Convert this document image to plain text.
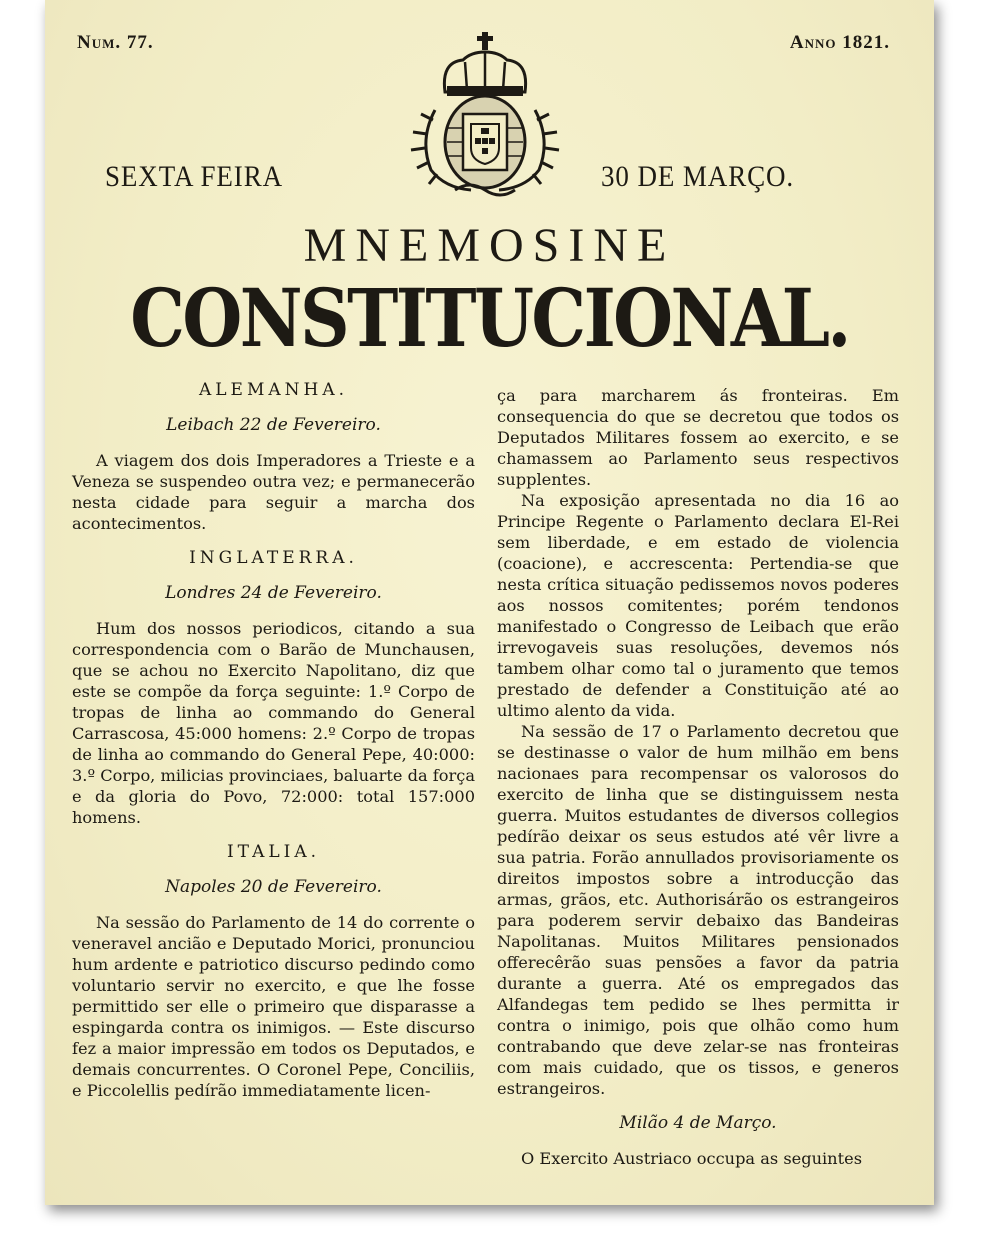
Num. 77.	Anno 1821.
SEXTA FEIRA	30 DE MARÇO.
MNEMOSINE
CONSTITUCIONAL.
ALEMANHA.
Leibach 22 de Fevereiro.

A viagem dos dois Imperadores a Trieste e a Veneza se suspendeo outra vez; e permanecerão nesta cidade para seguir a marcha dos acontecimentos.

INGLATERRA.
Londres 24 de Fevereiro.

Hum dos nossos periodicos, citando a sua correspondencia com o Barão de Munchausen, que se achou no Exercito Napolitano, diz que este se compõe da força seguinte: 1.º Corpo de tropas de linha ao commando do General Carrascosa, 45:000 homens: 2.º Corpo de tropas de linha ao commando do General Pepe, 40:000: 3.º Corpo, milicias provinciaes, baluarte da força e da gloria do Povo, 72:000: total 157:000 homens.

ITALIA.
Napoles 20 de Fevereiro.

Na sessão do Parlamento de 14 do corrente o veneravel ancião e Deputado Morici, pronunciou hum ardente e patriotico discurso pedindo como voluntario servir no exercito, e que lhe fosse permittido ser elle o primeiro que disparasse a espingarda contra os inimigos. — Este discurso fez a maior impressão em todos os Deputados, e demais concurrentes. O Coronel Pepe, Conciliis, e Piccolellis pedírão immediatamente licen-

ça para marcharem ás fronteiras. Em consequencia do que se decretou que todos os Deputados Militares fossem ao exercito, e se chamassem ao Parlamento seus respectivos supplentes.

Na exposição apresentada no dia 16 ao Principe Regente o Parlamento declara El-Rei sem liberdade, e em estado de violencia (coacione), e accrescenta: Pertendia-se que nesta crítica situação pedissemos novos poderes aos nossos comitentes; porém tendonos manifestado o Congresso de Leibach que erão irrevogaveis suas resoluções, devemos nós tambem olhar como tal o juramento que temos prestado de defender a Constituição até ao ultimo alento da vida.

Na sessão de 17 o Parlamento decretou que se destinasse o valor de hum milhão em bens nacionaes para recompensar os valorosos do exercito de linha que se distinguissem nesta guerra. Muitos estudantes de diversos collegios pedírão deixar os seus estudos até vêr livre a sua patria. Forão annullados provisoriamente os direitos impostos sobre a introducção das armas, grãos, etc. Authorisárão os estrangeiros para poderem servir debaixo das Bandeiras Napolitanas. Muitos Militares pensionados offerecêrão suas pensões a favor da patria durante a guerra. Até os empregados das Alfandegas tem pedido se lhes permitta ir contra o inimigo, pois que olhão como hum contrabando que deve zelar-se nas fronteiras com mais cuidado, que os tissos, e generos estrangeiros.

Milão 4 de Março.

O Exercito Austriaco occupa as seguintes
